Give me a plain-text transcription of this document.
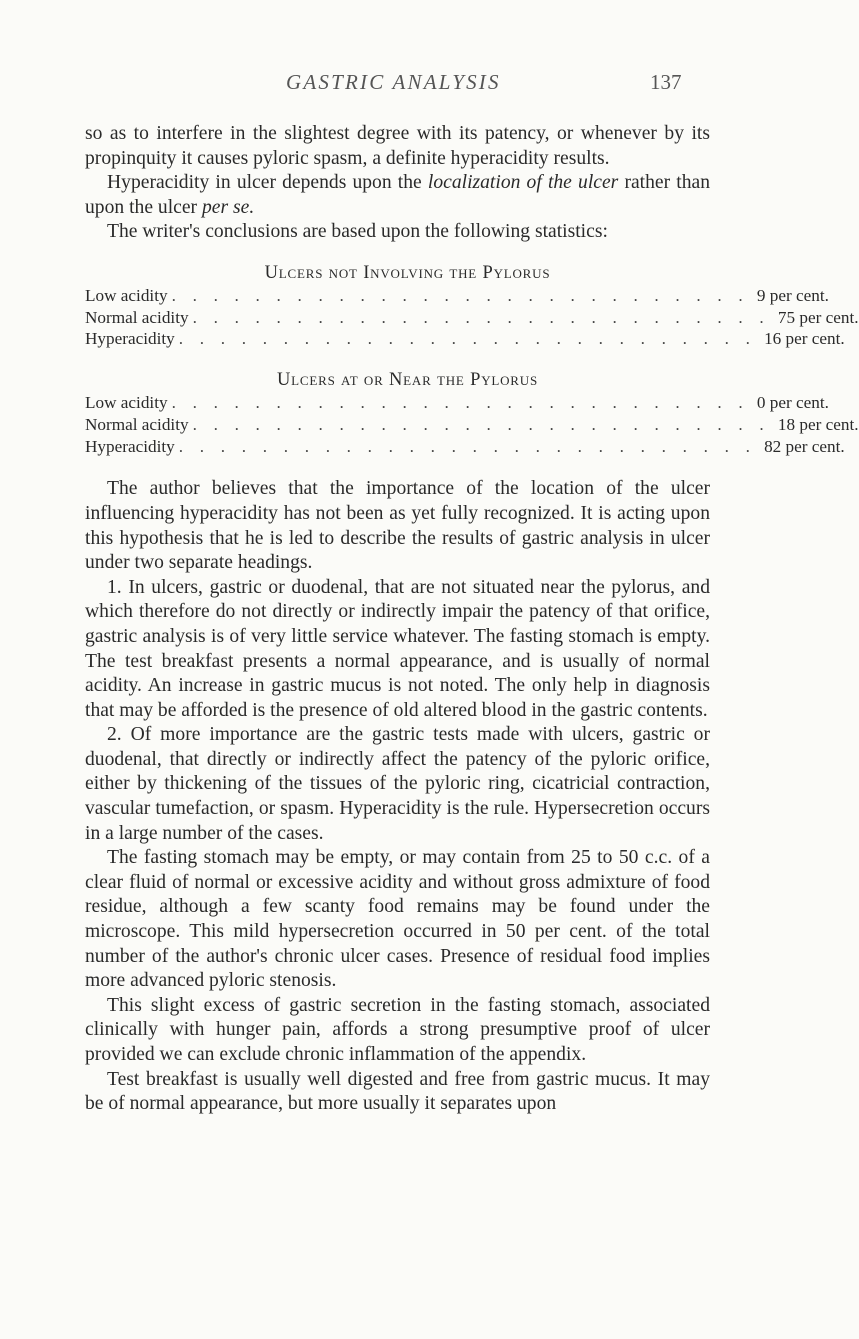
GASTRIC ANALYSIS	137

so as to interfere in the slightest degree with its patency, or whenever by its propinquity it causes pyloric spasm, a definite hyperacidity results.

Hyperacidity in ulcer depends upon the localization of the ulcer rather than upon the ulcer per se.

The writer's conclusions are based upon the following statistics:

Ulcers not Involving the Pylorus
Low acidity . . . . . . . . . . . . . . . . . . . . . . . . . . . . 9 per cent.
Normal acidity . . . . . . . . . . . . . . . . . . . . . . . . . . . . 75 per cent.
Hyperacidity . . . . . . . . . . . . . . . . . . . . . . . . . . . . 16 per cent.
Ulcers at or Near the Pylorus
Low acidity . . . . . . . . . . . . . . . . . . . . . . . . . . . . 0 per cent.
Normal acidity . . . . . . . . . . . . . . . . . . . . . . . . . . . . 18 per cent.
Hyperacidity . . . . . . . . . . . . . . . . . . . . . . . . . . . . 82 per cent.

The author believes that the importance of the location of the ulcer influencing hyperacidity has not been as yet fully recognized. It is acting upon this hypothesis that he is led to describe the results of gastric analysis in ulcer under two separate headings.

1. In ulcers, gastric or duodenal, that are not situated near the pylorus, and which therefore do not directly or indirectly impair the patency of that orifice, gastric analysis is of very little service whatever. The fasting stomach is empty. The test breakfast presents a normal appearance, and is usually of normal acidity. An increase in gastric mucus is not noted. The only help in diagnosis that may be afforded is the presence of old altered blood in the gastric contents.

2. Of more importance are the gastric tests made with ulcers, gastric or duodenal, that directly or indirectly affect the patency of the pyloric orifice, either by thickening of the tissues of the pyloric ring, cicatricial contraction, vascular tumefaction, or spasm. Hyperacidity is the rule. Hypersecretion occurs in a large number of the cases.

The fasting stomach may be empty, or may contain from 25 to 50 c.c. of a clear fluid of normal or excessive acidity and without gross admixture of food residue, although a few scanty food remains may be found under the microscope. This mild hypersecretion occurred in 50 per cent. of the total number of the author's chronic ulcer cases. Presence of residual food implies more advanced pyloric stenosis.

This slight excess of gastric secretion in the fasting stomach, associated clinically with hunger pain, affords a strong presumptive proof of ulcer provided we can exclude chronic inflammation of the appendix.

Test breakfast is usually well digested and free from gastric mucus. It may be of normal appearance, but more usually it separates upon
